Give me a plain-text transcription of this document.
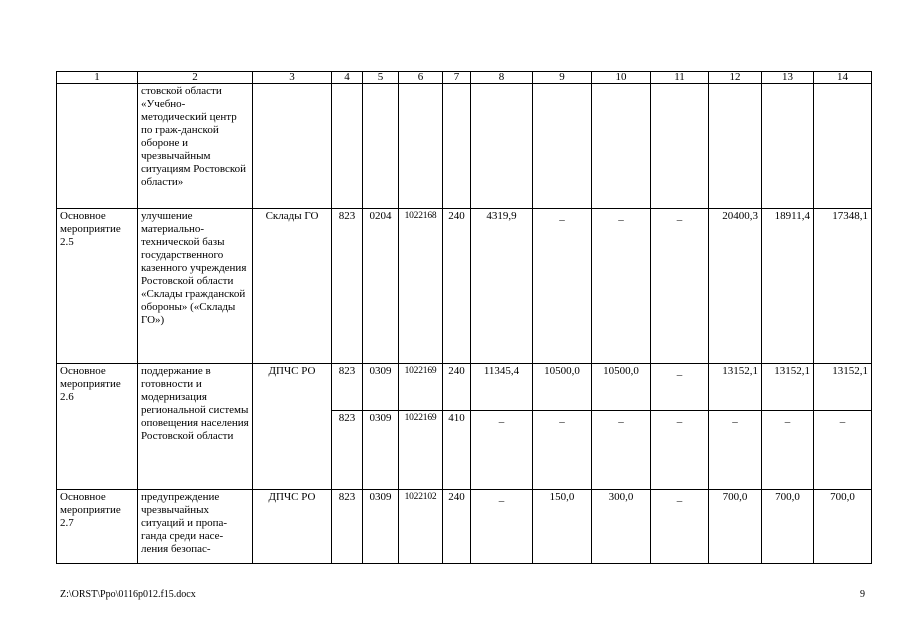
1	2	3	4	5	6	7	8	9	10	11	12	13	14
	стовской области «Учебно-методический центр по граж-данской обороне и чрезвычайным ситуациям Ростовской области»												
Основное мероприятие 2.5	улучшение материально-технической базы государственного казенного учреждения Ростовской области «Склады гражданской обороны» («Склады ГО»)	Склады ГО	823	0204	1022168	240	4319,9	_	_	_	20400,3	18911,4	17348,1
Основное мероприятие 2.6	поддержание в готовности и модернизация региональной системы оповещения населения Ростовской области	ДПЧС РО	823	0309	1022169	240	11345,4	10500,0	10500,0	_	13152,1	13152,1	13152,1
			823	0309	1022169	410	_	_	_	_	_	_	_
Основное мероприятие 2.7	предупреждение чрезвычайных ситуаций и пропа-ганда среди насе-ления безопас-	ДПЧС РО	823	0309	1022102	240	_	150,0	300,0	_	700,0	700,0	700,0
Z:\ORST\Ppo\0116p012.f15.docx	9
